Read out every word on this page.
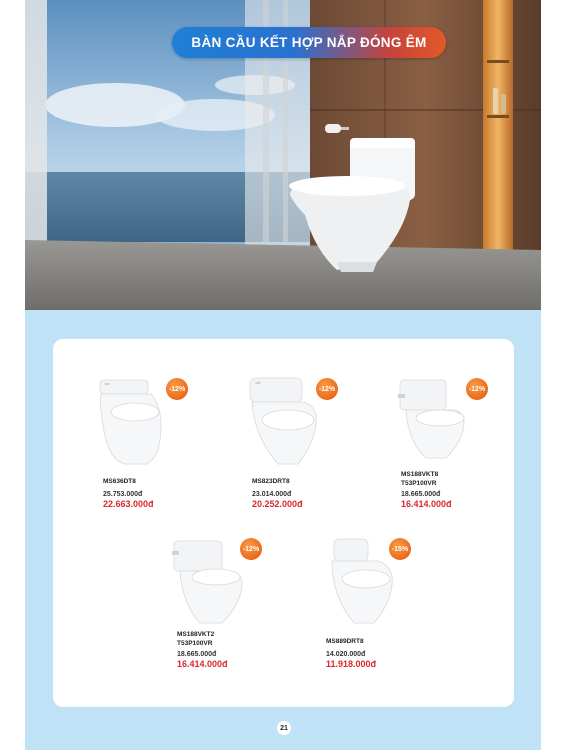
BÀN CẦU KẾT HỢP NẮP ĐÓNG ÊM
-12%
MS636DT8
25.753.000đ
22.663.000đ
-12%
MS823DRT8
23.014.000đ
20.252.000đ
-12%
MS188VKT8 T53P100VR
18.665.000đ
16.414.000đ
-12%
MS188VKT2 T53P100VR
18.665.000đ
16.414.000đ
-15%
MS889DRT8
14.020.000đ
11.918.000đ
21
